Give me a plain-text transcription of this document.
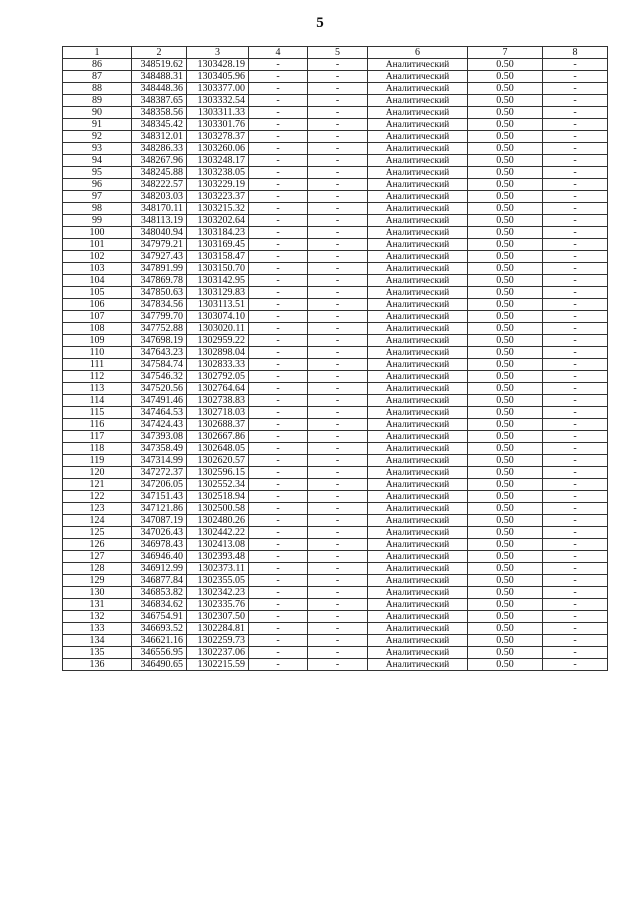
5
1	2	3	4	5	6	7	8
86	348519.62	1303428.19	-	-	Аналитический	0.50	-
87	348488.31	1303405.96	-	-	Аналитический	0.50	-
88	348448.36	1303377.00	-	-	Аналитический	0.50	-
89	348387.65	1303332.54	-	-	Аналитический	0.50	-
90	348358.56	1303311.33	-	-	Аналитический	0.50	-
91	348345.42	1303301.76	-	-	Аналитический	0.50	-
92	348312.01	1303278.37	-	-	Аналитический	0.50	-
93	348286.33	1303260.06	-	-	Аналитический	0.50	-
94	348267.96	1303248.17	-	-	Аналитический	0.50	-
95	348245.88	1303238.05	-	-	Аналитический	0.50	-
96	348222.57	1303229.19	-	-	Аналитический	0.50	-
97	348203.03	1303223.37	-	-	Аналитический	0.50	-
98	348170.11	1303215.32	-	-	Аналитический	0.50	-
99	348113.19	1303202.64	-	-	Аналитический	0.50	-
100	348040.94	1303184.23	-	-	Аналитический	0.50	-
101	347979.21	1303169.45	-	-	Аналитический	0.50	-
102	347927.43	1303158.47	-	-	Аналитический	0.50	-
103	347891.99	1303150.70	-	-	Аналитический	0.50	-
104	347869.78	1303142.95	-	-	Аналитический	0.50	-
105	347850.63	1303129.83	-	-	Аналитический	0.50	-
106	347834.56	1303113.51	-	-	Аналитический	0.50	-
107	347799.70	1303074.10	-	-	Аналитический	0.50	-
108	347752.88	1303020.11	-	-	Аналитический	0.50	-
109	347698.19	1302959.22	-	-	Аналитический	0.50	-
110	347643.23	1302898.04	-	-	Аналитический	0.50	-
111	347584.74	1302833.33	-	-	Аналитический	0.50	-
112	347546.32	1302792.05	-	-	Аналитический	0.50	-
113	347520.56	1302764.64	-	-	Аналитический	0.50	-
114	347491.46	1302738.83	-	-	Аналитический	0.50	-
115	347464.53	1302718.03	-	-	Аналитический	0.50	-
116	347424.43	1302688.37	-	-	Аналитический	0.50	-
117	347393.08	1302667.86	-	-	Аналитический	0.50	-
118	347358.49	1302648.05	-	-	Аналитический	0.50	-
119	347314.99	1302620.57	-	-	Аналитический	0.50	-
120	347272.37	1302596.15	-	-	Аналитический	0.50	-
121	347206.05	1302552.34	-	-	Аналитический	0.50	-
122	347151.43	1302518.94	-	-	Аналитический	0.50	-
123	347121.86	1302500.58	-	-	Аналитический	0.50	-
124	347087.19	1302480.26	-	-	Аналитический	0.50	-
125	347026.43	1302442.22	-	-	Аналитический	0.50	-
126	346978.43	1302413.08	-	-	Аналитический	0.50	-
127	346946.40	1302393.48	-	-	Аналитический	0.50	-
128	346912.99	1302373.11	-	-	Аналитический	0.50	-
129	346877.84	1302355.05	-	-	Аналитический	0.50	-
130	346853.82	1302342.23	-	-	Аналитический	0.50	-
131	346834.62	1302335.76	-	-	Аналитический	0.50	-
132	346754.91	1302307.50	-	-	Аналитический	0.50	-
133	346693.52	1302284.81	-	-	Аналитический	0.50	-
134	346621.16	1302259.73	-	-	Аналитический	0.50	-
135	346556.95	1302237.06	-	-	Аналитический	0.50	-
136	346490.65	1302215.59	-	-	Аналитический	0.50	-
